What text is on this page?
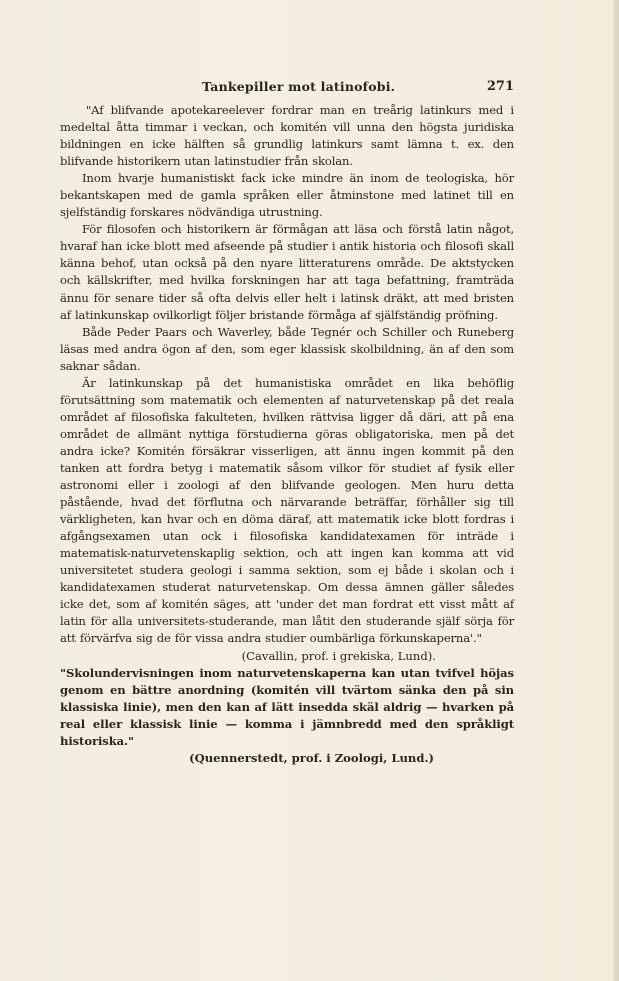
Tankepiller mot latinofobi.	271

"Af blifvande apotekareelever fordrar man en treårig latinkurs med i medeltal åtta timmar i veckan, och komitén vill unna den högsta juridiska bildningen en icke hälften så grundlig latinkurs samt lämna t. ex. den blifvande historikern utan latinstudier från skolan.

Inom hvarje humanistiskt fack icke mindre än inom de teologiska, hör bekantskapen med de gamla språken eller åtminstone med latinet till en sjelfständig forskares nödvändiga utrustning.

För filosofen och historikern är förmågan att läsa och förstå latin något, hvaraf han icke blott med afseende på studier i antik historia och filosofi skall känna behof, utan också på den nyare litteraturens område. De aktstycken och källskrifter, med hvilka forskningen har att taga befattning, framträda ännu för senare tider så ofta delvis eller helt i latinsk dräkt, att med bristen af latinkunskap ovilkorligt följer bristande förmåga af själfständig pröfning.

Både Peder Paars och Waverley, både Tegnér och Schiller och Runeberg läsas med andra ögon af den, som eger klassisk skolbildning, än af den som saknar sådan.

Är latinkunskap på det humanistiska området en lika behöflig förutsättning som matematik och elementen af naturvetenskap på det reala området af filosofiska fakulteten, hvilken rättvisa ligger då däri, att på ena området de allmänt nyttiga förstudierna göras obligatoriska, men på det andra icke? Komitén försäkrar visserligen, att ännu ingen kommit på den tanken att fordra betyg i matematik såsom vilkor för studiet af fysik eller astronomi eller i zoologi af den blifvande geologen. Men huru detta påstående, hvad det förflutna och närvarande beträffar, förhåller sig till värkligheten, kan hvar och en döma däraf, att matematik icke blott fordras i afgångsexamen utan ock i filosofiska kandidatexamen för inträde i matematisk-naturvetenskaplig sektion, och att ingen kan komma att vid universitetet studera geologi i samma sektion, som ej både i skolan och i kandidatexamen studerat naturvetenskap. Om dessa ämnen gäller således icke det, som af komitén säges, att 'under det man fordrat ett visst mått af latin för alla universitets-studerande, man låtit den studerande själf sörja för att förvärfva sig de för vissa andra studier oumbärliga förkunskaperna'."

(Cavallin, prof. i grekiska, Lund).

"Skolundervisningen inom naturvetenskaperna kan utan tvifvel höjas genom en bättre anordning (komitén vill tvärtom sänka den på sin klassiska linie), men den kan af lätt insedda skäl aldrig — hvarken på real eller klassisk linie — komma i jämnbredd med den språkligt historiska."

(Quennerstedt, prof. i Zoologi, Lund.)
